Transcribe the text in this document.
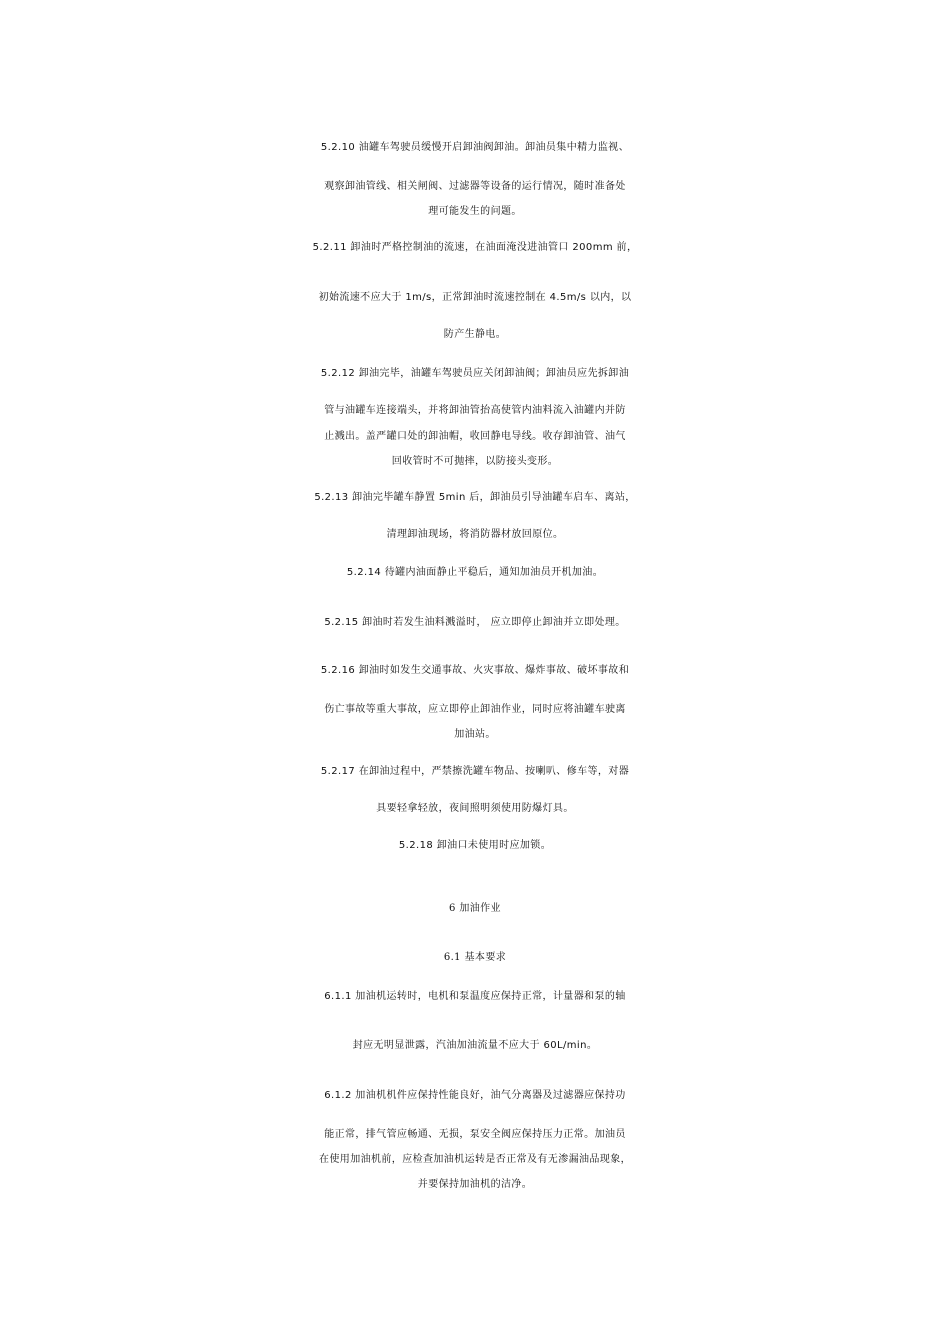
5.2.10 油罐车驾驶员缓慢开启卸油阀卸油。卸油员集中精力监视、
观察卸油管线、相关闸阀、过滤器等设备的运行情况，随时准备处
理可能发生的问题。
5.2.11 卸油时严格控制油的流速，在油面淹没进油管口 200mm 前，
初始流速不应大于 1m/s，正常卸油时流速控制在 4.5m/s 以内，以
防产生静电。
5.2.12 卸油完毕，油罐车驾驶员应关闭卸油阀；卸油员应先拆卸油
管与油罐车连接端头，并将卸油管抬高使管内油料流入油罐内并防
止溅出。盖严罐口处的卸油帽，收回静电导线。收存卸油管、油气
回收管时不可抛摔，以防接头变形。
5.2.13 卸油完毕罐车静置 5min 后，卸油员引导油罐车启车、离站，
清理卸油现场，将消防器材放回原位。
5.2.14 待罐内油面静止平稳后，通知加油员开机加油。
5.2.15 卸油时若发生油料溅溢时， 应立即停止卸油并立即处理。
5.2.16 卸油时如发生交通事故、火灾事故、爆炸事故、破坏事故和
伤亡事故等重大事故，应立即停止卸油作业，同时应将油罐车驶离
加油站。
5.2.17 在卸油过程中，严禁擦洗罐车物品、按喇叭、修车等，对器
具要轻拿轻放，夜间照明须使用防爆灯具。
5.2.18 卸油口未使用时应加锁。
6 加油作业
6.1 基本要求
6.1.1 加油机运转时，电机和泵温度应保持正常，计量器和泵的轴
封应无明显泄露，汽油加油流量不应大于 60L/min。
6.1.2 加油机机件应保持性能良好，油气分离器及过滤器应保持功
能正常，排气管应畅通、无损，泵安全阀应保持压力正常。加油员
在使用加油机前，应检查加油机运转是否正常及有无渗漏油品现象，
并要保持加油机的洁净。
